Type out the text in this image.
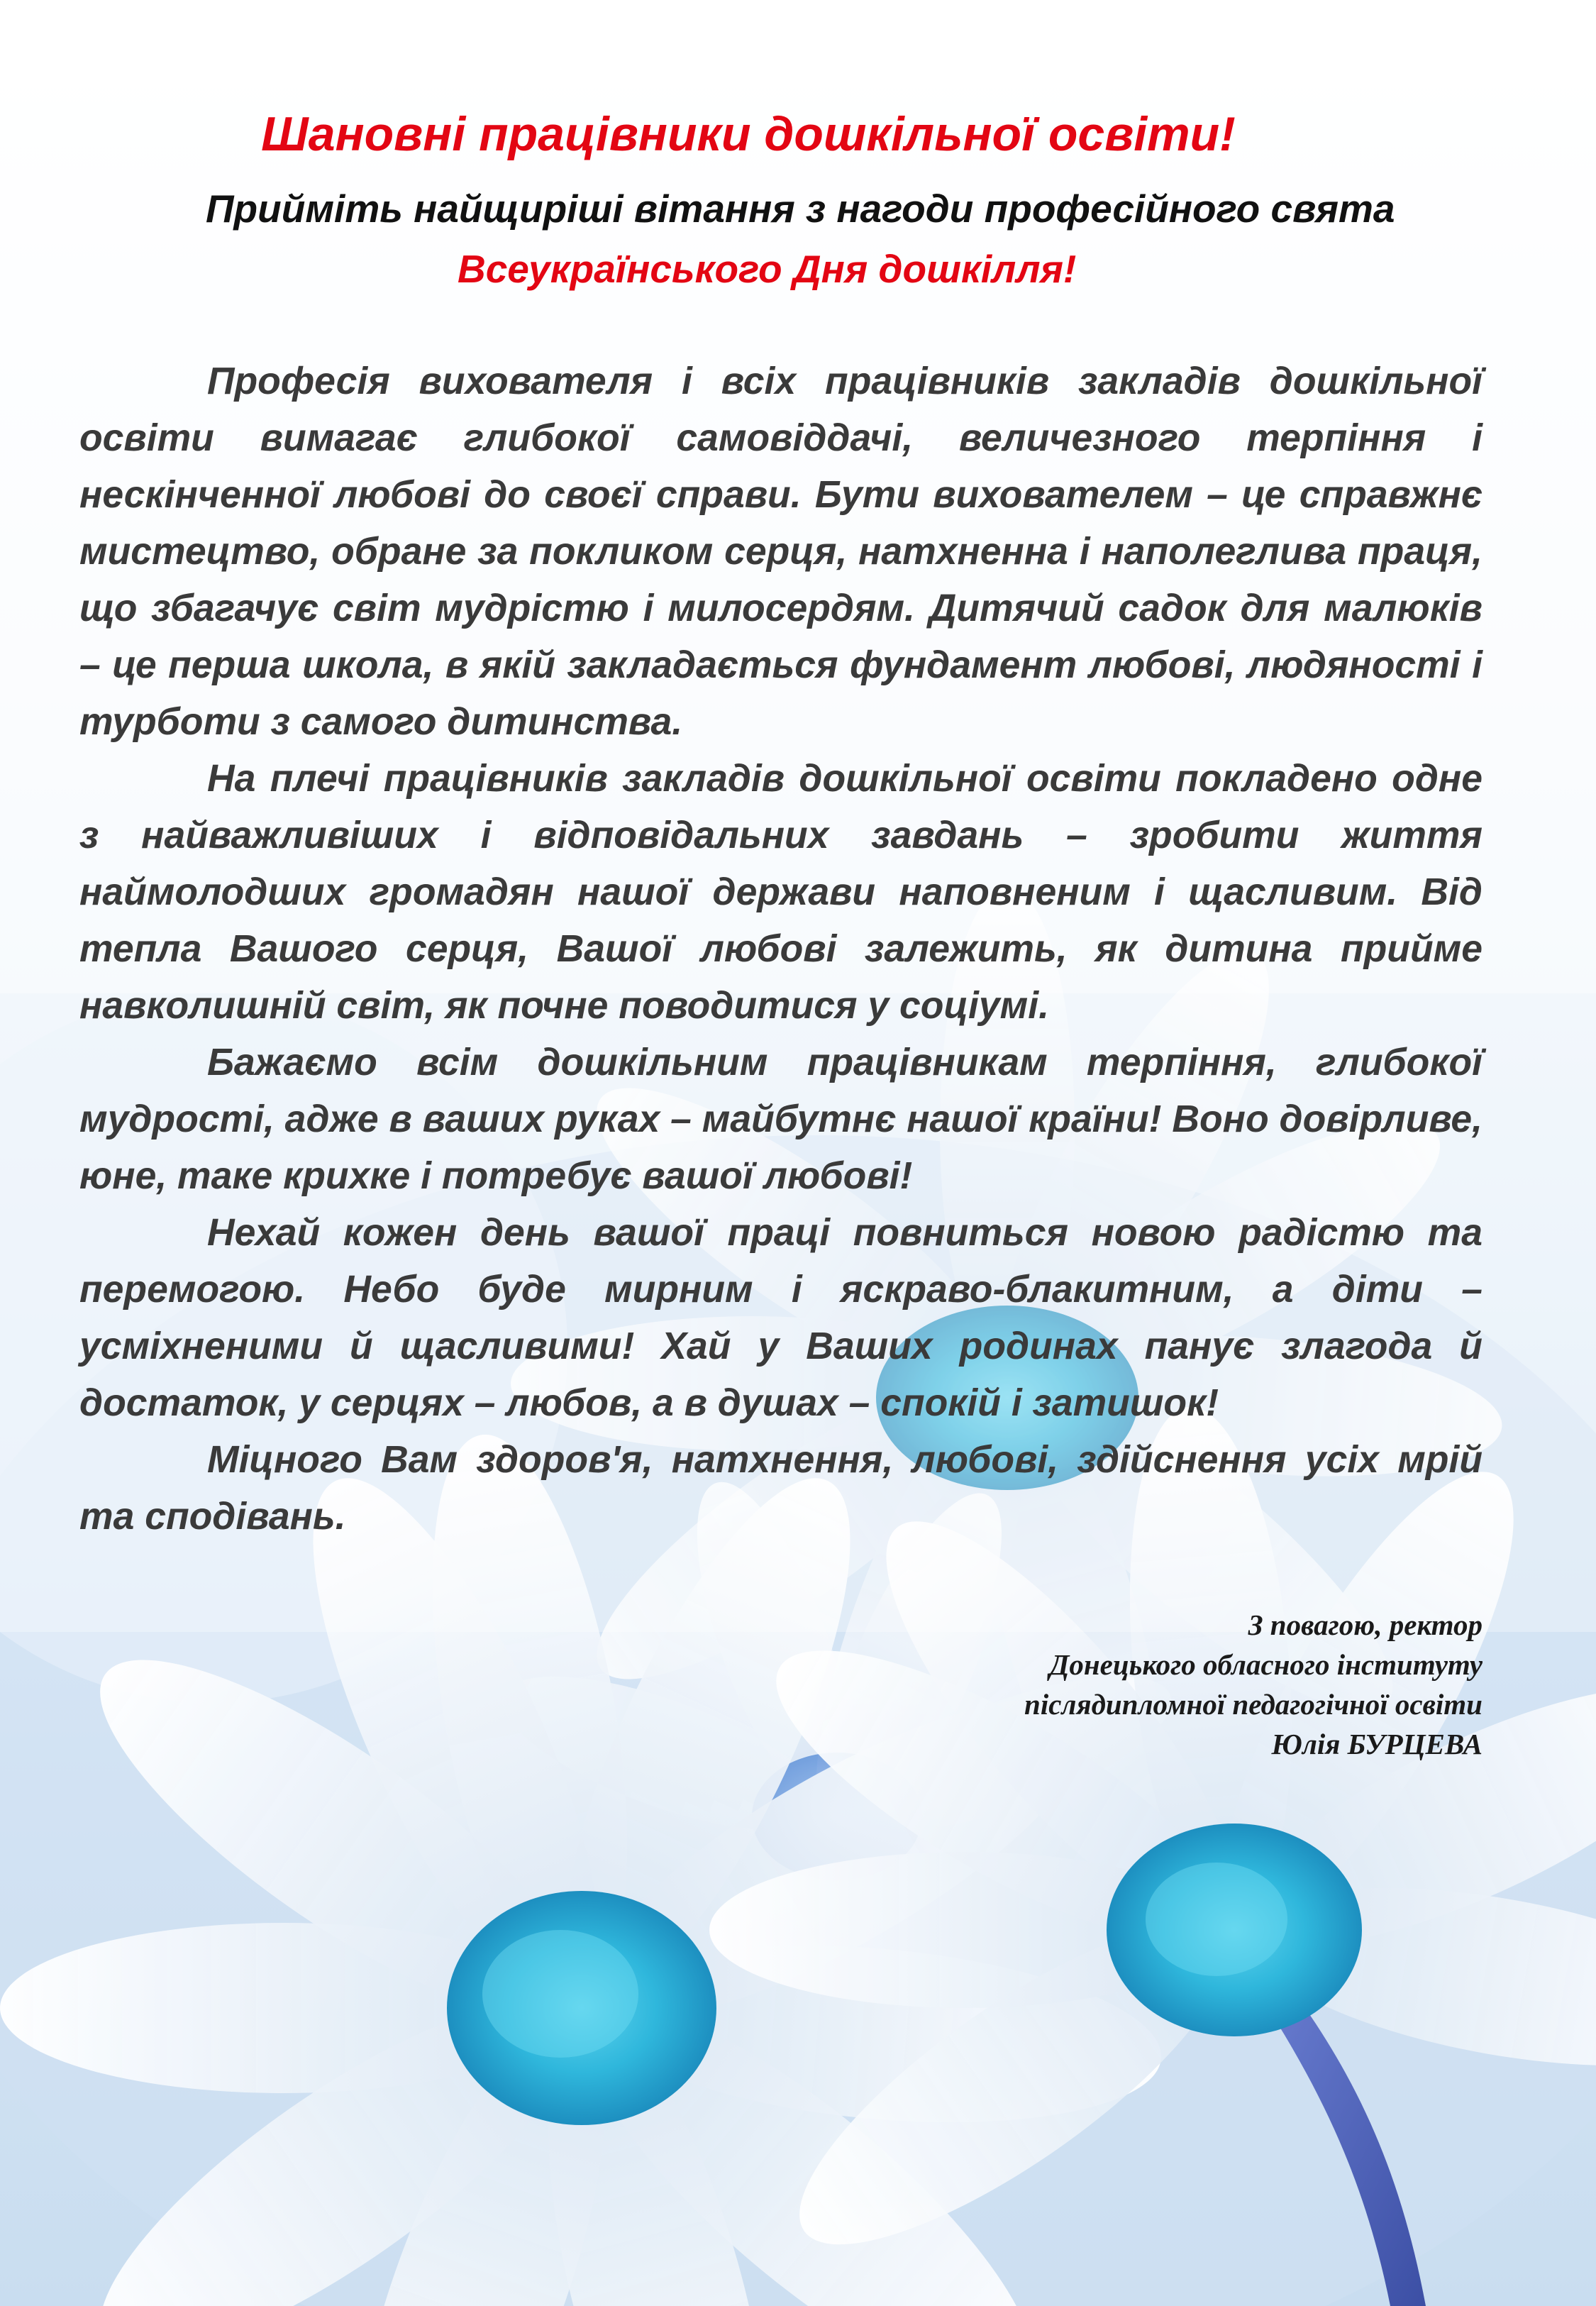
Шановні працівники дошкільної освіти!
Прийміть найщиріші вітання з нагоди професійного свята
Всеукраїнського Дня дошкілля!

Професія вихователя і всіх працівників закладів дошкільної освіти вимагає глибокої самовіддачі, величезного терпіння і нескінченної любові до своєї справи. Бути вихователем – це справжнє мистецтво, обране за покликом серця, натхненна і наполеглива праця, що збагачує світ мудрістю і милосердям. Дитячий садок для малюків – це перша школа, в якій закладається фундамент любові, людяності і турботи з самого дитинства.

На плечі працівників закладів дошкільної освіти покладено одне з найважливіших і відповідальних завдань – зробити життя наймолодших громадян нашої держави наповненим і щасливим. Від тепла Вашого серця, Вашої любові залежить, як дитина прийме навколишній світ, як почне поводитися у соціумі.

Бажаємо всім дошкільним працівникам терпіння, глибокої мудрості, адже в ваших руках – майбутнє нашої країни! Воно довірливе, юне, таке крихке і потребує вашої любові!

Нехай кожен день вашої праці повниться новою радістю та перемогою. Небо буде мирним і яскраво-блакитним, а діти – усміхненими й щасливими! Хай у Ваших родинах панує злагода й достаток, у серцях – любов, а в душах – спокій і затишок!

Міцного Вам здоров'я, натхнення, любові, здійснення усіх мрій та сподівань.

З повагою, ректор
Донецького обласного інституту
післядипломної педагогічної освіти
Юлія БУРЦЕВА
